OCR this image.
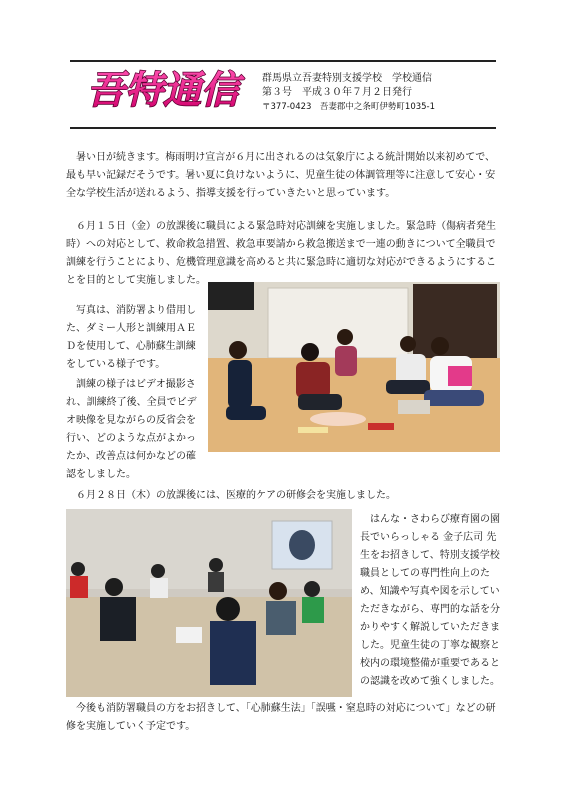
吾特通信	群馬県立吾妻特別支援学校　学校通信
第３号　平成３０年７月２日発行
〒377-0423　吾妻郡中之条町伊勢町1035-1

　暑い日が続きます。梅雨明け宣言が６月に出されるのは気象庁による統計開始以来初めてで、最も早い記録だそうです。暑い夏に負けないように、児童生徒の体調管理等に注意して安心・安全な学校生活が送れるよう、指導支援を行っていきたいと思っています。

　６月１５日（金）の放課後に職員による緊急時対応訓練を実施しました。緊急時（傷病者発生時）への対応として、救命救急措置、救急車要請から救急搬送まで一連の動きについて全職員で訓練を行うことにより、危機管理意識を高めると共に緊急時に適切な対応ができるようにすることを目的として実施しました。

　写真は、消防署より借用した、ダミー人形と訓練用ＡＥＤを使用して、心肺蘇生訓練をしている様子です。

　訓練の様子はビデオ撮影され、訓練終了後、全員でビデオ映像を見ながらの反省会を行い、どのような点がよかったか、改善点は何かなどの確認をしました。

　６月２８日（木）の放課後には、医療的ケアの研修会を実施しました。

　はんな・さわらび療育園の園長でいらっしゃる 金子広司 先生をお招きして、特別支援学校職員としての専門性向上のため、知識や写真や図を示していただきながら、専門的な話を分かりやすく解説していただきました。児童生徒の丁寧な観察と校内の環境整備が重要であるとの認識を改めて強くしました。

　今後も消防署職員の方をお招きして、「心肺蘇生法」「誤嚥・窒息時の対応について」などの研修を実施していく予定です。
